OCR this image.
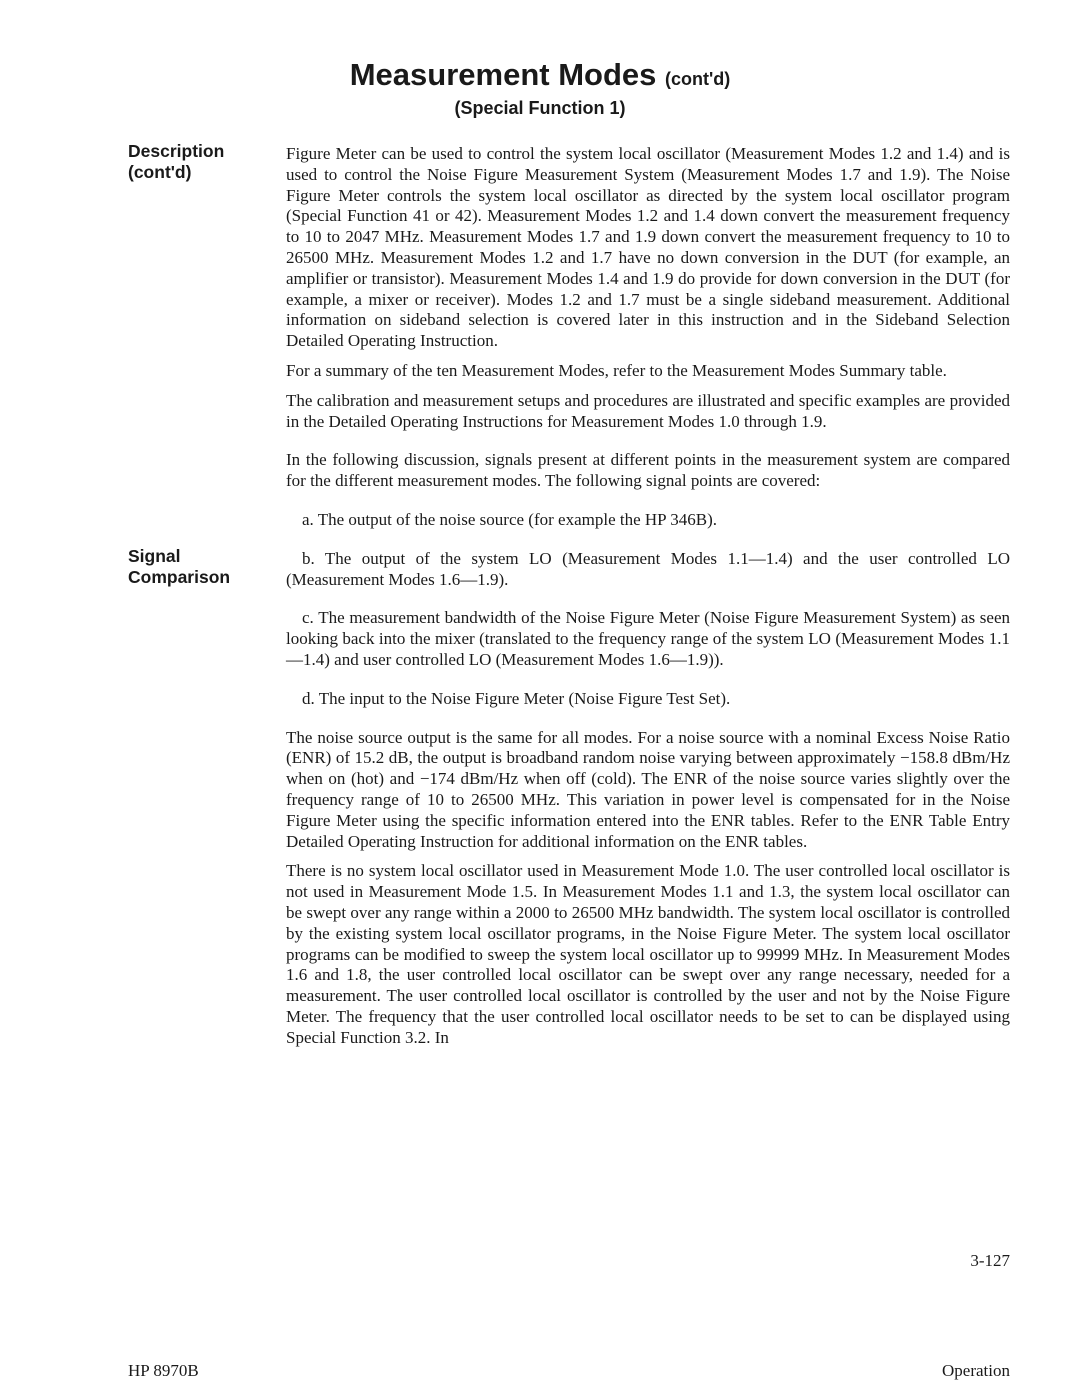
Measurement Modes (cont'd)
(Special Function 1)
Description
(cont'd)
Signal
Comparison

Figure Meter can be used to control the system local oscillator (Measurement Modes 1.2 and 1.4) and is used to control the Noise Figure Measurement System (Measurement Modes 1.7 and 1.9). The Noise Figure Meter controls the system local oscillator as directed by the system local oscillator program (Special Function 41 or 42). Measurement Modes 1.2 and 1.4 down convert the measurement frequency to 10 to 2047 MHz. Measurement Modes 1.7 and 1.9 down convert the measurement frequency to 10 to 26500 MHz. Measurement Modes 1.2 and 1.7 have no down conversion in the DUT (for example, an amplifier or transistor). Measurement Modes 1.4 and 1.9 do provide for down conversion in the DUT (for example, a mixer or receiver). Modes 1.2 and 1.7 must be a single sideband measurement. Additional information on sideband selection is covered later in this instruction and in the Sideband Selection Detailed Operating Instruction.

For a summary of the ten Measurement Modes, refer to the Measurement Modes Summary table.

The calibration and measurement setups and procedures are illustrated and specific examples are provided in the Detailed Operating Instructions for Measurement Modes 1.0 through 1.9.

In the following discussion, signals present at different points in the measurement system are compared for the different measurement modes. The following signal points are covered:

a. The output of the noise source (for example the HP 346B).

b. The output of the system LO (Measurement Modes 1.1—1.4) and the user controlled LO (Measurement Modes 1.6—1.9).

c. The measurement bandwidth of the Noise Figure Meter (Noise Figure Measurement System) as seen looking back into the mixer (translated to the frequency range of the system LO (Measurement Modes 1.1—1.4) and user controlled LO (Measurement Modes 1.6—1.9)).

d. The input to the Noise Figure Meter (Noise Figure Test Set).

The noise source output is the same for all modes. For a noise source with a nominal Excess Noise Ratio (ENR) of 15.2 dB, the output is broadband random noise varying between approximately −158.8 dBm/Hz when on (hot) and −174 dBm/Hz when off (cold). The ENR of the noise source varies slightly over the frequency range of 10 to 26500 MHz. This variation in power level is compensated for in the Noise Figure Meter using the specific information entered into the ENR tables. Refer to the ENR Table Entry Detailed Operating Instruction for additional information on the ENR tables.

There is no system local oscillator used in Measurement Mode 1.0. The user controlled local oscillator is not used in Measurement Mode 1.5. In Measurement Modes 1.1 and 1.3, the system local oscillator can be swept over any range within a 2000 to 26500 MHz bandwidth. The system local oscillator is controlled by the existing system local oscillator programs, in the Noise Figure Meter. The system local oscillator programs can be modified to sweep the system local oscillator up to 99999 MHz. In Measurement Modes 1.6 and 1.8, the user controlled local oscillator can be swept over any range necessary, needed for a measurement. The user controlled local oscillator is controlled by the user and not by the Noise Figure Meter. The frequency that the user controlled local oscillator needs to be set to can be displayed using Special Function 3.2. In

3-127
HP 8970B	Operation
